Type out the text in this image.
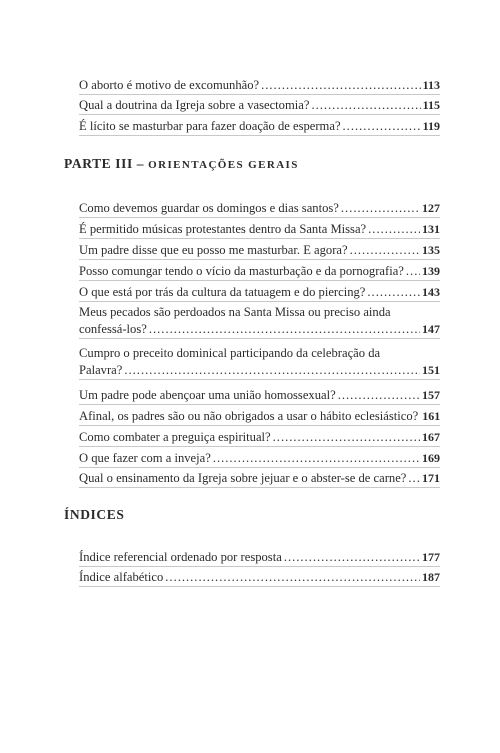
O aborto é motivo de excomunhão? .....	113
Qual a doutrina da Igreja sobre a vasectomia? .....	115
É lícito se masturbar para fazer doação de esperma? .....	119
PARTE III – ORIENTAÇÕES GERAIS
Como devemos guardar os domingos e dias santos? .....	127
É permitido músicas protestantes dentro da Santa Missa? .....	131
Um padre disse que eu posso me masturbar. E agora? .....	135
Posso comungar tendo o vício da masturbação e da pornografia? ..... 139
O que está por trás da cultura da tatuagem e do piercing? .....	143
Meus pecados são perdoados na Santa Missa ou preciso ainda
confessá-los? .....	147
Cumpro o preceito dominical participando da celebração da
Palavra? .....	151
Um padre pode abençoar uma união homossexual? .....	157
Afinal, os padres são ou não obrigados a usar o hábito eclesiástico? 161
Como combater a preguiça espiritual? .....	167
O que fazer com a inveja? .....	169
Qual o ensinamento da Igreja sobre jejuar e o abster-se de carne? ..... 171
ÍNDICES
Índice referencial ordenado por resposta .....	177
Índice alfabético .....	187
